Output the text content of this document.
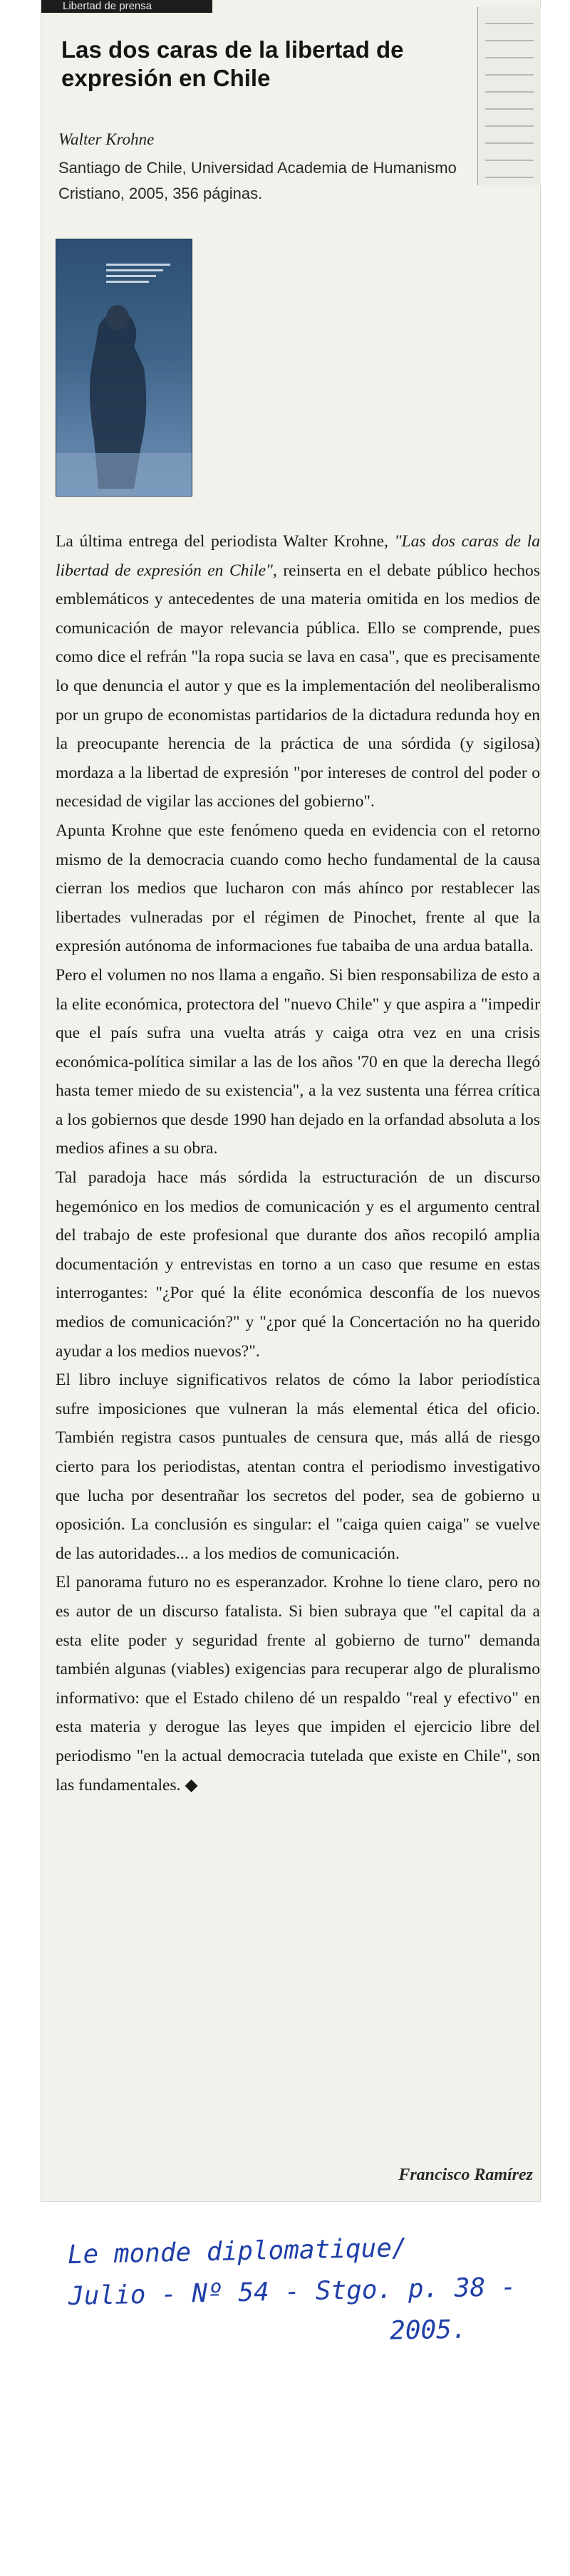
Libertad de prensa
Las dos caras de la libertad de expresión en Chile
Walter Krohne
Santiago de Chile, Universidad Academia de Humanismo Cristiano, 2005, 356 páginas.

La última entrega del periodista Walter Krohne, "Las dos caras de la libertad de expresión en Chile", reinserta en el debate público hechos emblemáticos y antecedentes de una materia omitida en los medios de comunicación de mayor relevancia pública. Ello se comprende, pues como dice el refrán "la ropa sucia se lava en casa", que es precisamente lo que denuncia el autor y que es la implementación del neoliberalismo por un grupo de economistas partidarios de la dictadura redunda hoy en la preocupante herencia de la práctica de una sórdida (y sigilosa) mordaza a la libertad de expresión "por intereses de control del poder o necesidad de vigilar las acciones del gobierno".

Apunta Krohne que este fenómeno queda en evidencia con el retorno mismo de la democracia cuando como hecho fundamental de la causa cierran los medios que lucharon con más ahínco por restablecer las libertades vulneradas por el régimen de Pinochet, frente al que la expresión autónoma de informaciones fue tabaiba de una ardua batalla.

Pero el volumen no nos llama a engaño. Si bien responsabiliza de esto a la elite económica, protectora del "nuevo Chile" y que aspira a "impedir que el país sufra una vuelta atrás y caiga otra vez en una crisis económica-política similar a las de los años '70 en que la derecha llegó hasta temer miedo de su existencia", a la vez sustenta una férrea crítica a los gobiernos que desde 1990 han dejado en la orfandad absoluta a los medios afines a su obra.

Tal paradoja hace más sórdida la estructuración de un discurso hegemónico en los medios de comunicación y es el argumento central del trabajo de este profesional que durante dos años recopiló amplia documentación y entrevistas en torno a un caso que resume en estas interrogantes: "¿Por qué la élite económica desconfía de los nuevos medios de comunicación?" y "¿por qué la Concertación no ha querido ayudar a los medios nuevos?".

El libro incluye significativos relatos de cómo la labor periodística sufre imposiciones que vulneran la más elemental ética del oficio. También registra casos puntuales de censura que, más allá de riesgo cierto para los periodistas, atentan contra el periodismo investigativo que lucha por desentrañar los secretos del poder, sea de gobierno u oposición. La conclusión es singular: el "caiga quien caiga" se vuelve de las autoridades... a los medios de comunicación.

El panorama futuro no es esperanzador. Krohne lo tiene claro, pero no es autor de un discurso fatalista. Si bien subraya que "el capital da a esta elite poder y seguridad frente al gobierno de turno" demanda también algunas (viables) exigencias para recuperar algo de pluralismo informativo: que el Estado chileno dé un respaldo "real y efectivo" en esta materia y derogue las leyes que impiden el ejercicio libre del periodismo "en la actual democracia tutelada que existe en Chile", son las fundamentales. ◆

Francisco Ramírez
Le monde diplomatique/
Julio - Nº 54 - Stgo. p. 38 -
2005.
